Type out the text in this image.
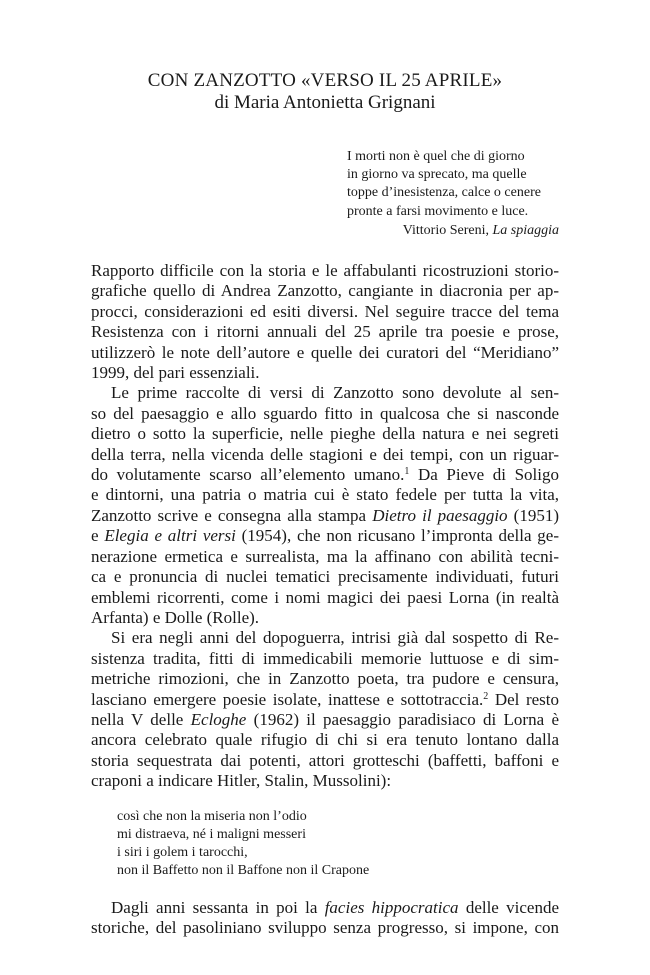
CON ZANZOTTO «VERSO IL 25 APRILE»
di Maria Antonietta Grignani
I morti non è quel che di giorno
in giorno va sprecato, ma quelle
toppe d’inesistenza, calce o cenere
pronte a farsi movimento e luce.
Vittorio Sereni, La spiaggia

Rapporto difficile con la storia e le affabulanti ricostruzioni storio-
grafiche quello di Andrea Zanzotto, cangiante in diacronia per ap-
procci, considerazioni ed esiti diversi. Nel seguire tracce del tema
Resistenza con i ritorni annuali del 25 aprile tra poesie e prose,
utilizzerò le note dell’autore e quelle dei curatori del “Meridiano”
1999, del pari essenziali.

Le prime raccolte di versi di Zanzotto sono devolute al sen-
so del paesaggio e allo sguardo fitto in qualcosa che si nasconde
dietro o sotto la superficie, nelle pieghe della natura e nei segreti
della terra, nella vicenda delle stagioni e dei tempi, con un riguar-
do volutamente scarso all’elemento umano.$^1$ Da Pieve di Soligo
e dintorni, una patria o matria cui è stato fedele per tutta la vita,
Zanzotto scrive e consegna alla stampa Dietro il paesaggio (1951)
e Elegia e altri versi (1954), che non ricusano l’impronta della ge-
nerazione ermetica e surrealista, ma la affinano con abilità tecni-
ca e pronuncia di nuclei tematici precisamente individuati, futuri
emblemi ricorrenti, come i nomi magici dei paesi Lorna (in realtà
Arfanta) e Dolle (Rolle).

Si era negli anni del dopoguerra, intrisi già dal sospetto di Re-
sistenza tradita, fitti di immedicabili memorie luttuose e di sim-
metriche rimozioni, che in Zanzotto poeta, tra pudore e censura,
lasciano emergere poesie isolate, inattese e sottotraccia.$^2$ Del resto
nella V delle Ecloghe (1962) il paesaggio paradisiaco di Lorna è
ancora celebrato quale rifugio di chi si era tenuto lontano dalla
storia sequestrata dai potenti, attori grotteschi (baffetti, baffoni e
craponi a indicare Hitler, Stalin, Mussolini):

così che non la miseria non l’odio
mi distraeva, né i maligni messeri
i siri i golem i tarocchi,
non il Baffetto non il Baffone non il Crapone

Dagli anni sessanta in poi la facies hippocratica delle vicende
storiche, del pasoliniano sviluppo senza progresso, si impone, con
